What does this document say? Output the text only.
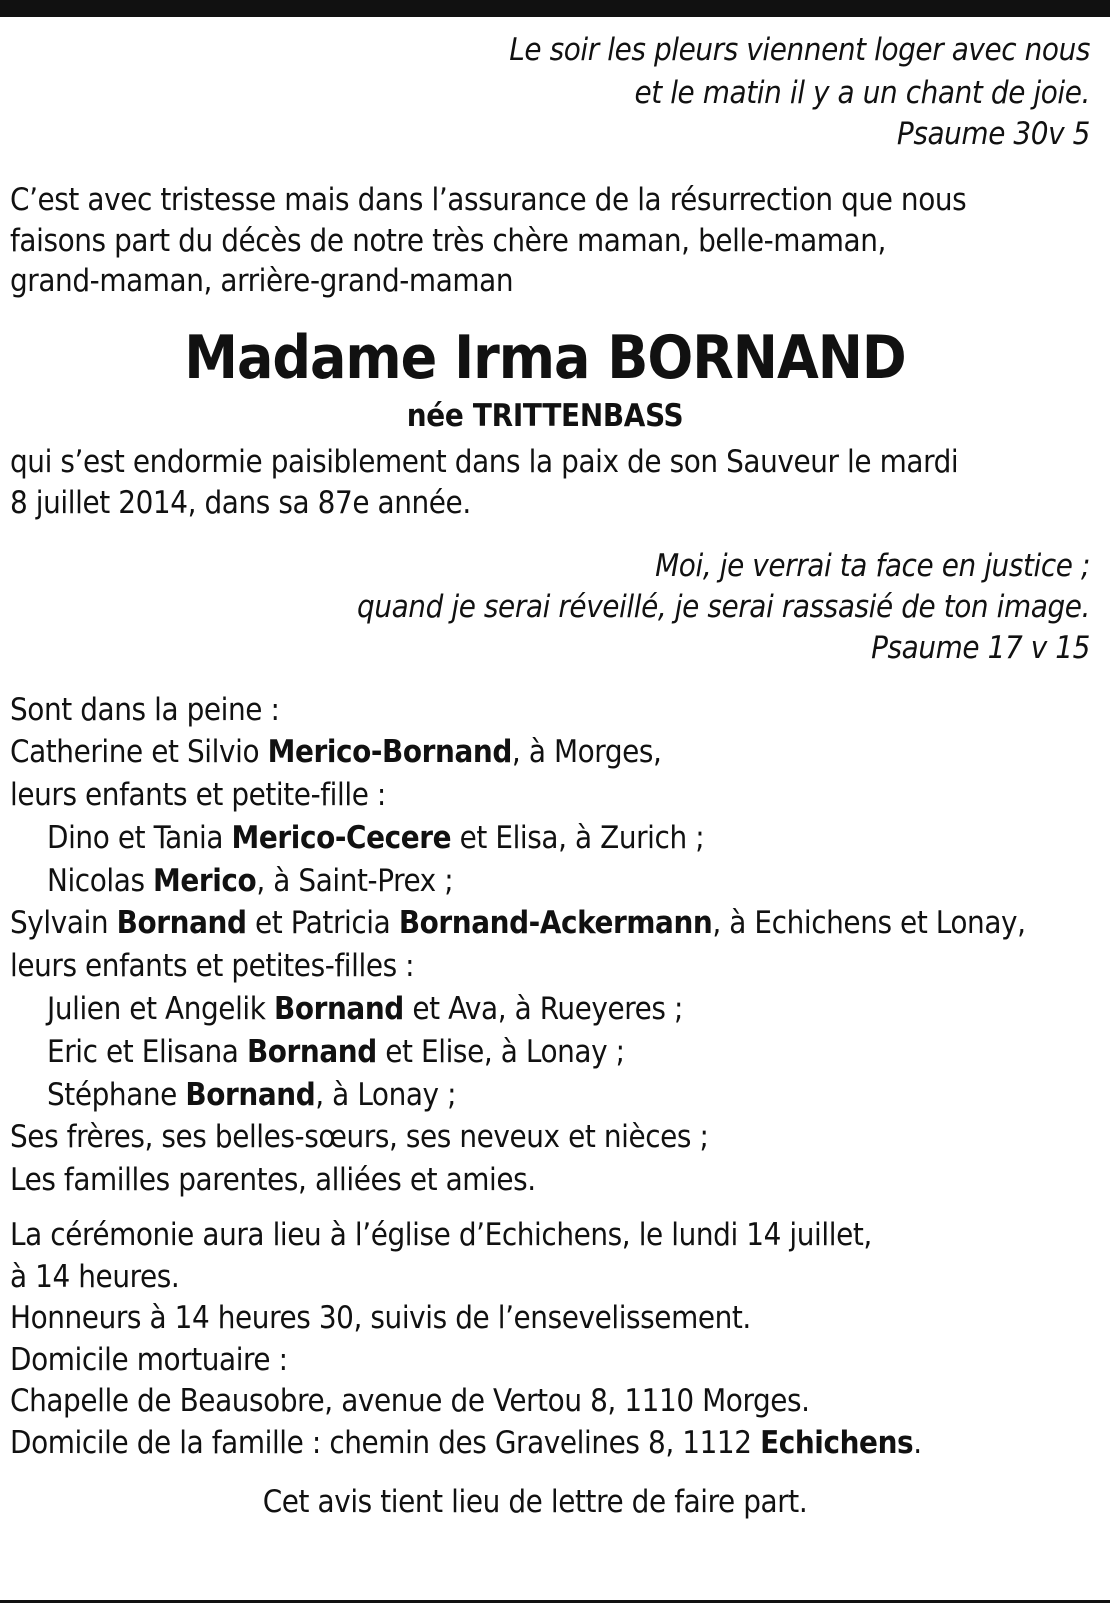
Le soir les pleurs viennent loger avec nous
et le matin il y a un chant de joie.
Psaume 30v 5
C’est avec tristesse mais dans l’assurance de la résurrection que nous
faisons part du décès de notre très chère maman, belle-maman,
grand-maman, arrière-grand-maman
Madame Irma BORNAND
née TRITTENBASS
qui s’est endormie paisiblement dans la paix de son Sauveur le mardi
8 juillet 2014, dans sa 87e année.
Moi, je verrai ta face en justice ;
quand je serai réveillé, je serai rassasié de ton image.
Psaume 17 v 15
Sont dans la peine :
Catherine et Silvio Merico-Bornand, à Morges,
leurs enfants et petite-fille :
Dino et Tania Merico-Cecere et Elisa, à Zurich ;
Nicolas Merico, à Saint-Prex ;
Sylvain Bornand et Patricia Bornand-Ackermann, à Echichens et Lonay,
leurs enfants et petites-filles :
Julien et Angelik Bornand et Ava, à Rueyeres ;
Eric et Elisana Bornand et Elise, à Lonay ;
Stéphane Bornand, à Lonay ;
Ses frères, ses belles-sœurs, ses neveux et nièces ;
Les familles parentes, alliées et amies.
La cérémonie aura lieu à l’église d’Echichens, le lundi 14 juillet,
à 14 heures.
Honneurs à 14 heures 30, suivis de l’ensevelissement.
Domicile mortuaire :
Chapelle de Beausobre, avenue de Vertou 8, 1110 Morges.
Domicile de la famille : chemin des Gravelines 8, 1112 Echichens.
Cet avis tient lieu de lettre de faire part.
